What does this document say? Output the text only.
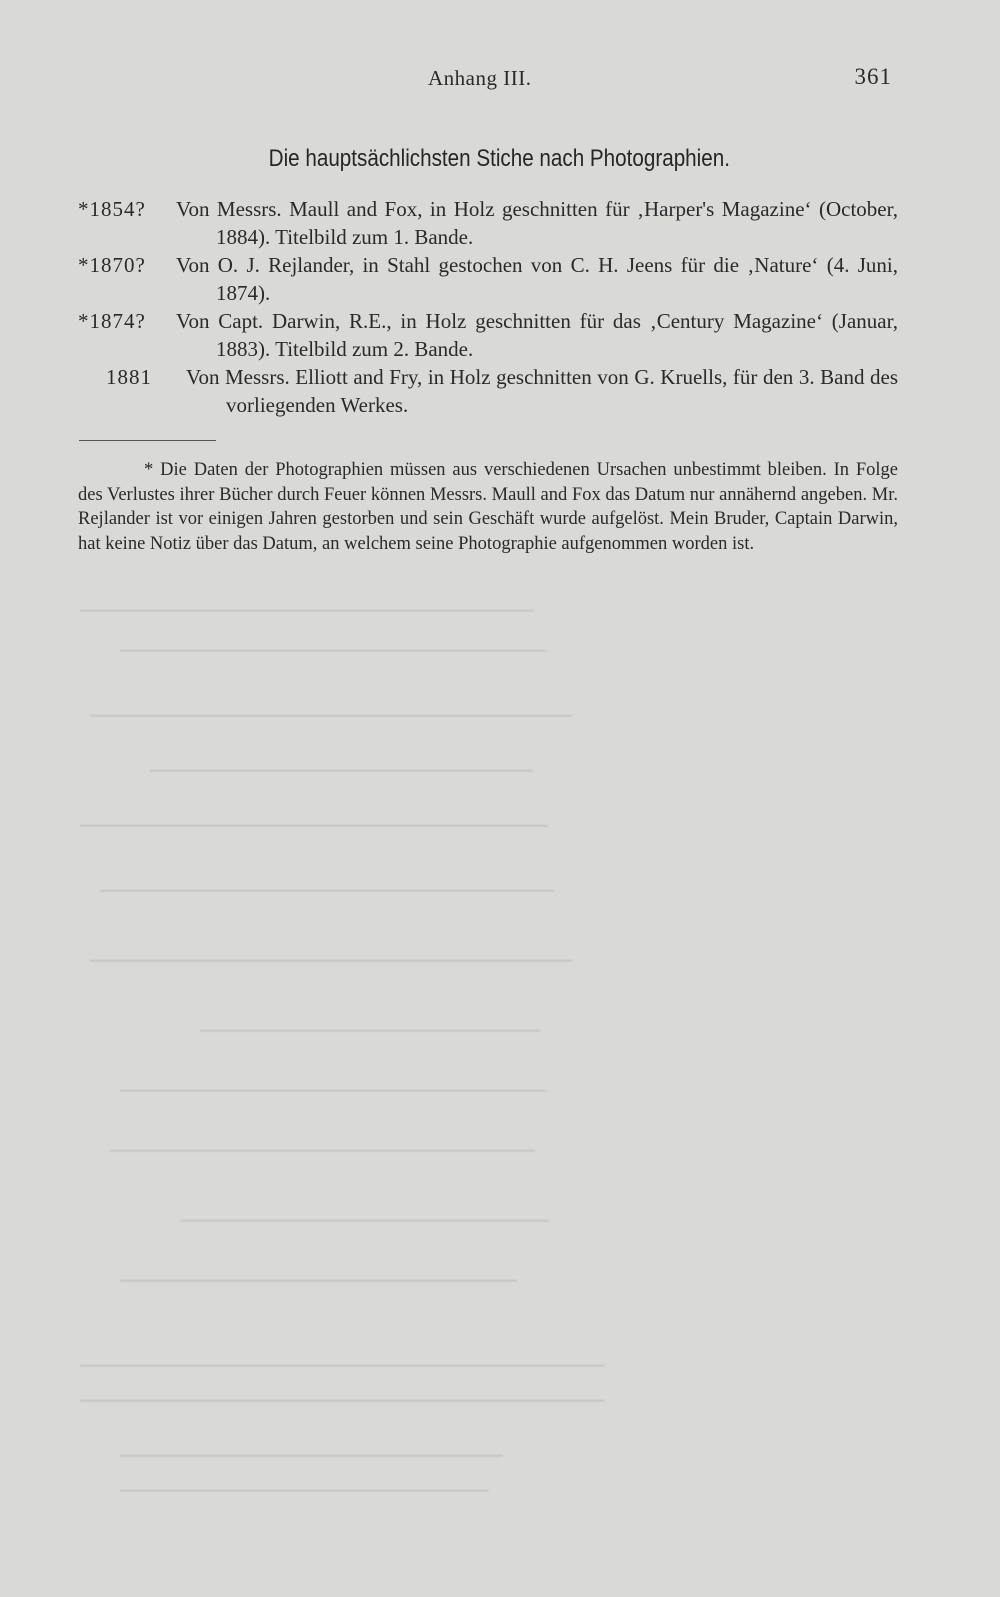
────────────────────────────────
──────────────────────────────
──────────────────────────────────
───────────────────────────
─────────────────────────────────
────────────────────────────────
──────────────────────────────────
────────────────────────
──────────────────────────────
──────────────────────────────
──────────────────────────
────────────────────────────
─────────────────────────────────────
─────────────────────────────────────
───────────────────────────
──────────────────────────
Anhang III.	361
Die hauptsächlichsten Stiche nach Photographien.
*1854?	Von Messrs. Maull and Fox, in Holz geschnitten für ‚Harper's Magazine‘ (October, 1884). Titelbild zum 1. Bande.
*1870?	Von O. J. Rejlander, in Stahl gestochen von C. H. Jeens für die ‚Nature‘ (4. Juni, 1874).
*1874?	Von Capt. Darwin, R.E., in Holz geschnitten für das ‚Century Magazine‘ (Januar, 1883). Titelbild zum 2. Bande.
1881	Von Messrs. Elliott and Fry, in Holz geschnitten von G. Kruells, für den 3. Band des vorliegenden Werkes.
* Die Daten der Photographien müssen aus verschiedenen Ursachen unbestimmt bleiben. In Folge des Verlustes ihrer Bücher durch Feuer können Messrs. Maull and Fox das Datum nur annähernd angeben. Mr. Rejlander ist vor einigen Jahren gestorben und sein Geschäft wurde aufgelöst. Mein Bruder, Captain Darwin, hat keine Notiz über das Datum, an welchem seine Photographie aufgenommen worden ist.
